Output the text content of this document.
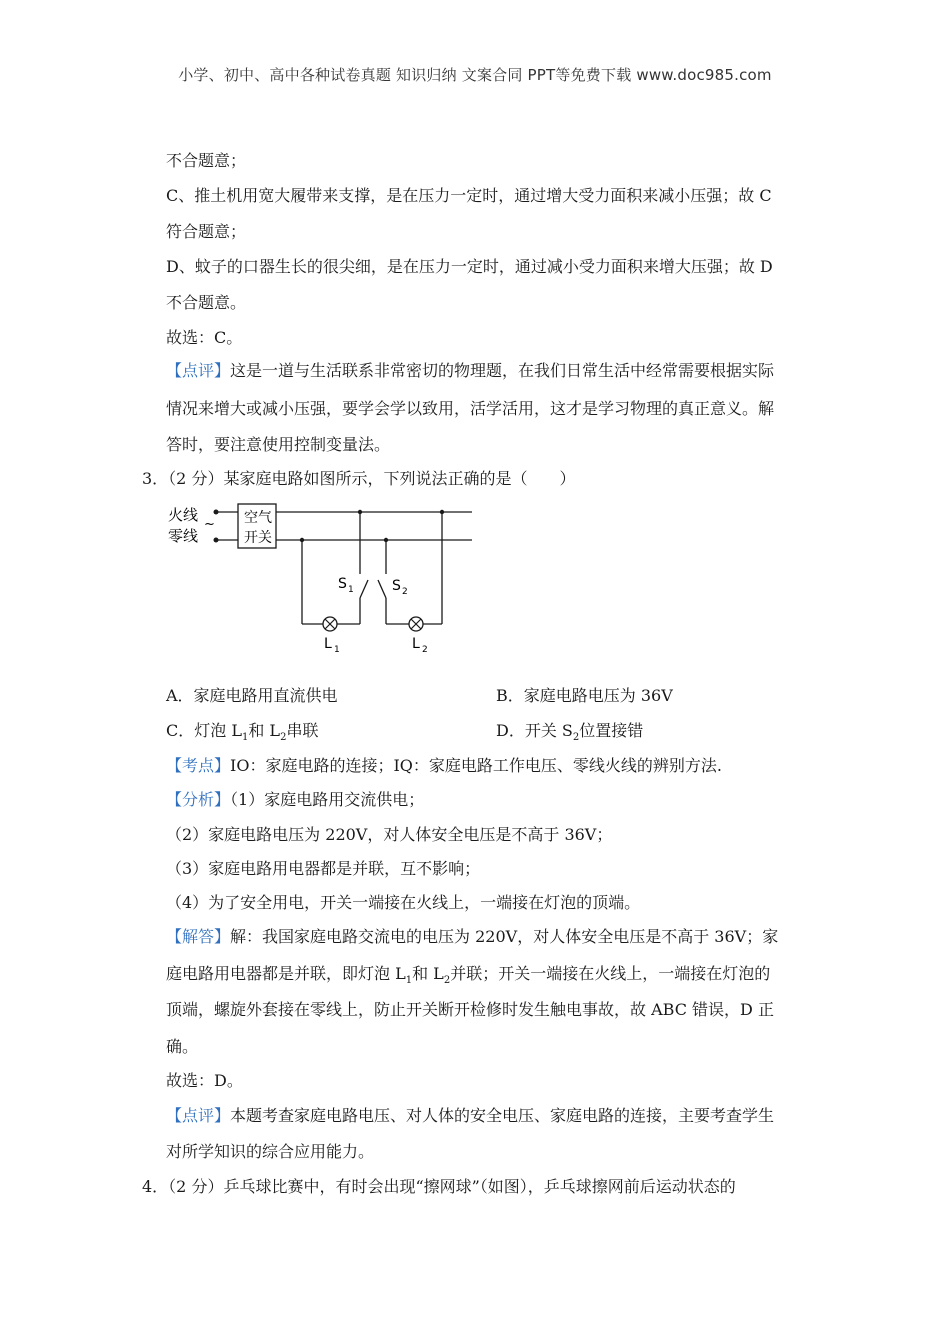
小学、初中、高中各种试卷真题 知识归纳 文案合同 PPT等免费下载 www.doc985.com
不合题意；
C、推土机用宽大履带来支撑，是在压力一定时，通过增大受力面积来减小压强；故 C
符合题意；
D、蚊子的口器生长的很尖细，是在压力一定时，通过减小受力面积来增大压强；故 D
不合题意。
故选：C。
【点评】这是一道与生活联系非常密切的物理题，在我们日常生活中经常需要根据实际
情况来增大或减小压强，要学会学以致用，活学活用，这才是学习物理的真正意义。解
答时，要注意使用控制变量法。
3．（2 分）某家庭电路如图所示，下列说法正确的是（　　）
火线
零线
~ 空气
开关
S 1	S 2
L 1	L 2
A．家庭电路用直流供电	B．家庭电路电压为 36V
C．灯泡 $L_1$和 $L_2$串联	D．开关 $S_2$位置接错
【考点】IO：家庭电路的连接；IQ：家庭电路工作电压、零线火线的辨别方法.
【分析】（1）家庭电路用交流供电；
（2）家庭电路电压为 220V，对人体安全电压是不高于 36V；
（3）家庭电路用电器都是并联，互不影响；
（4）为了安全用电，开关一端接在火线上，一端接在灯泡的顶端。
【解答】解：我国家庭电路交流电的电压为 220V，对人体安全电压是不高于 36V；家
庭电路用电器都是并联，即灯泡 $L_1$和 $L_2$并联；开关一端接在火线上，一端接在灯泡的
顶端，螺旋外套接在零线上，防止开关断开检修时发生触电事故，故 ABC 错误，D 正
确。
故选：D。
【点评】本题考查家庭电路电压、对人体的安全电压、家庭电路的连接，主要考查学生
对所学知识的综合应用能力。
4．（2 分）乒乓球比赛中，有时会出现“擦网球”（如图），乒乓球擦网前后运动状态的
